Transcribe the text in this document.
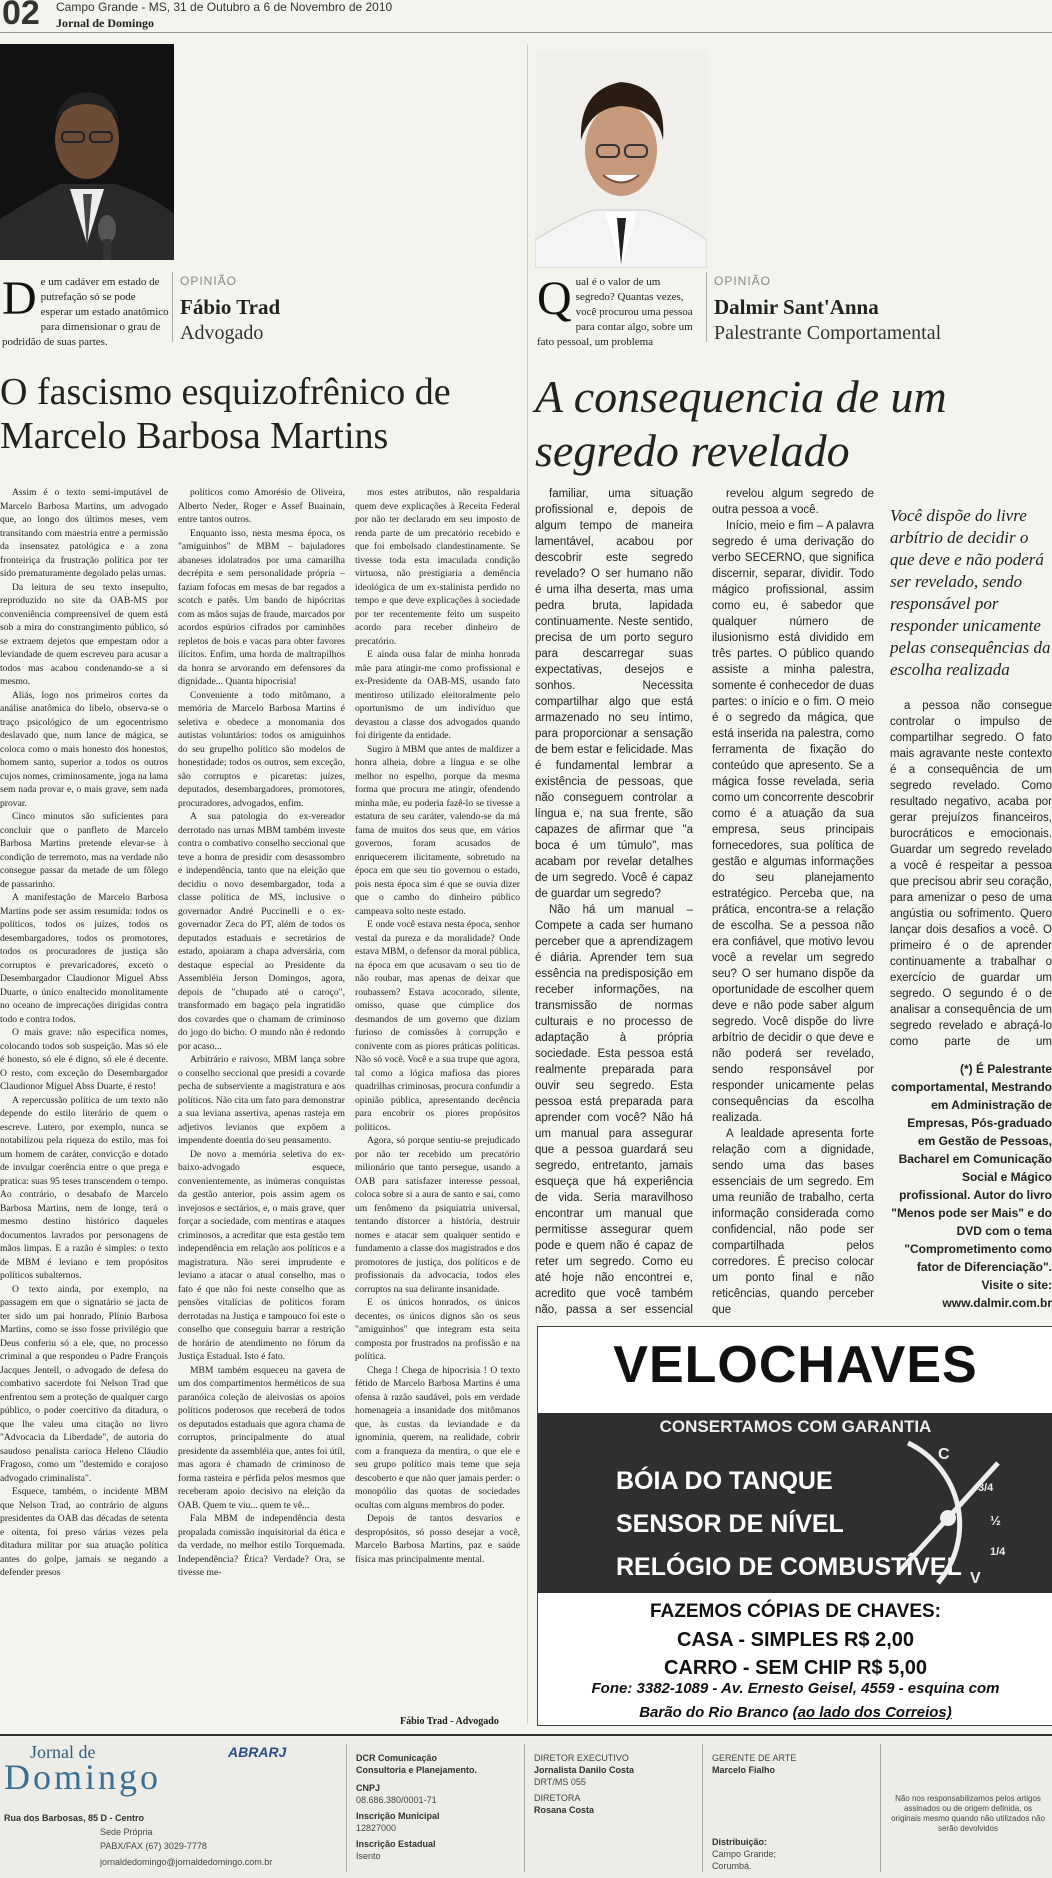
02 Campo Grande - MS, 31 de Outubro a 6 de Novembro de 2010
Jornal de Domingo
De um cadáver em estado de putrefação só se pode esperar um estado anatômico para dimensionar o grau de podridão de suas partes.
OPINIÃO
Fábio Trad
Advogado
O fascismo esquizofrênico de Marcelo Barbosa Martins

Assim é o texto semi-imputável de Marcelo Barbosa Martins, um advogado que, ao longo dos últimos meses, vem transitando com maestria entre a permissão da insensatez patológica e a zona fronteiriça da frustração política por ter sido prematuramente degolado pelas urnas.

Da leitura de seu texto insepulto, reproduzido no site da OAB-MS por conveniência compreensível de quem está sob a mira do constrangimento público, só se extraem dejetos que empestam odor a leviandade de quem escreveu para acusar a todos mas acabou condenando-se a si mesmo.

Aliás, logo nos primeiros cortes da análise anatômica do libelo, observa-se o traço psicológico de um egocentrismo deslavado que, num lance de mágica, se coloca como o mais honesto dos honestos, homem santo, superior a todos os outros cujos nomes, criminosamente, joga na lama sem nada provar e, o mais grave, sem nada provar.

Cinco minutos são suficientes para concluir que o panfleto de Marcelo Barbosa Martins pretende elevar-se à condição de terremoto, mas na verdade não consegue passar da metade de um fôlego de passarinho.

A manifestação de Marcelo Barbosa Martins pode ser assim resumida: todos os políticos, todos os juízes, todos os desembargadores, todos os promotores, todos os procuradores de justiça são corruptos e prevaricadores, exceto o Desembargador Claudionor Miguel Abss Duarte, o único enaltecido monolitamente no oceano de imprecações dirigidas contra todo e contra todos.

O mais grave: não especifica nomes, colocando todos sob suspeição. Mas só ele é honesto, só ele é digno, só ele é decente. O resto, com exceção do Desembargador Claudionor Miguel Abss Duarte, é resto!

A repercussão política de um texto não depende do estilo literário de quem o escreve. Lutero, por exemplo, nunca se notabilizou pela riqueza do estilo, mas foi um homem de caráter, convicção e dotado de invulgar coerência entre o que prega e pratica: suas 95 teses transcendem o tempo. Ao contrário, o desabafo de Marcelo Barbosa Martins, nem de longe, terá o mesmo destino histórico daqueles documentos lavrados por personagens de mãos limpas. E a razão é simples: o texto de MBM é leviano e tem propósitos políticos subalternos.

O texto ainda, por exemplo, na passagem em que o signatário se jacta de ter sido um pai honrado, Plínio Barbosa Martins, como se isso fosse privilégio que Deus conferiu só a ele, que, no processo criminal a que respondeu o Padre François Jacques Jentell, o advogado de defesa do combativo sacerdote foi Nelson Trad que enfrentou sem a proteção de qualquer cargo público, o poder coercitivo da ditadura, o que lhe valeu uma citação no livro "Advocacia da Liberdade", de autoria do saudoso penalista carioca Heleno Cláudio Fragoso, como um "destemido e corajoso advogado criminalista".

Esquece, também, o incidente MBM que Nelson Trad, ao contrário de alguns presidentes da OAB das décadas de setenta e oitenta, foi preso várias vezes pela ditadura militar por sua atuação política antes do golpe, jamais se negando a defender presos

políticos como Amorésio de Oliveira, Alberto Neder, Roger e Assef Buainain, entre tantos outros.

Enquanto isso, nesta mesma época, os "amiguinhos" de MBM – bajuladores abaneses idolatrados por uma camarilha decrépita e sem personalidade própria – faziam fofocas em mesas de bar regados a scotch e patês. Um bando de hipócritas com as mãos sujas de fraude, marcados por acordos espúrios cifrados por caminhões repletos de bois e vacas para obter favores ilícitos. Enfim, uma horda de maltrapilhos da honra se arvorando em defensores da dignidade... Quanta hipocrisia!

Conveniente a todo mitômano, a memória de Marcelo Barbosa Martins é seletiva e obedece a monomania dos autistas voluntários: todos os amiguinhos do seu grupelho político são modelos de honestidade; todos os outros, sem exceção, são corruptos e picaretas: juízes, deputados, desembargadores, promotores, procuradores, advogados, enfim.

A sua patologia do ex-vereador derrotado nas urnas MBM também investe contra o combativo conselho seccional que teve a honra de presidir com desassombro e independência, tanto que na eleição que decidiu o novo desembargador, toda a classe política de MS, inclusive o governador André Puccinelli e o ex-governador Zeca do PT, além de todos os deputados estaduais e secretários de estado, apoiaram a chapa adversária, com destaque especial ao Presidente da Assembléia Jerson Domingos, agora, depois de "chupado até o caroço", transformado em bagaço pela ingratidão dos covardes que o chamam de criminoso do jogo do bicho. O mundo não é redondo por acaso...

Arbitrário e raivoso, MBM lança sobre o conselho seccional que presidi a covarde pecha de subserviente a magistratura e aos políticos. Não cita um fato para demonstrar a sua leviana assertiva, apenas rasteja em adjetivos levianos que expõem a impendente doentia do seu pensamento.

De novo a memória seletiva do ex-baixo-advogado esquece, convenientemente, as inúmeras conquistas da gestão anterior, pois assim agem os invejosos e sectários, e, o mais grave, quer forçar a sociedade, com mentiras e ataques criminosos, a acreditar que esta gestão tem independência em relação aos políticos e a magistratura. Não serei imprudente e leviano a atacar o atual conselho, mas o fato é que não foi neste conselho que as pensões vitalícias de políticos foram derrotadas na Justiça e tampouco foi este o conselho que conseguiu barrar a restrição de horário de atendimento no fórum da Justiça Estadual. Isto é fato.

MBM também esqueceu na gaveta de um dos compartimentos herméticos de sua paranóica coleção de aleivosias os apoios políticos poderosos que receberá de todos os deputados estaduais que agora chama de corruptos, principalmente do atual presidente da assembléia que, antes foi útil, mas agora é chamado de criminoso de forma rasteira e pérfida pelos mesmos que receberam apoio decisivo na eleição da OAB. Quem te viu... quem te vê...

Fala MBM de independência desta propalada comissão inquisitorial da ética e da verdade, no melhor estilo Torquemada. Independência? Ética? Verdade? Ora, se tivesse me-

mos estes atributos, não respaldaria quem deve explicações à Receita Federal por não ter declarado em seu imposto de renda parte de um precatório recebido e que foi embolsado clandestinamente. Se tivesse toda esta imaculada condição virtuosa, não prestigiaria a demência ideológica de um ex-stalinista perdido no tempo e que deve explicações à sociedade por ter recentemente feito um suspeito acordo para receber dinheiro de precatório.

E ainda ousa falar de minha honrada mãe para atingir-me como profissional e ex-Presidente da OAB-MS, usando fato mentiroso utilizado eleitoralmente pelo oportunismo de um indivíduo que devastou a classe dos advogados quando foi dirigente da entidade.

Sugiro à MBM que antes de maldizer a honra alheia, dobre a língua e se olhe melhor no espelho, porque da mesma forma que procura me atingir, ofendendo minha mãe, eu poderia fazê-lo se tivesse a estatura de seu caráter, valendo-se da má fama de muitos dos seus que, em vários governos, foram acusados de enriquecerem ilicitamente, sobretudo na época em que seu tio governou o estado, pois nesta época sim é que se ouvia dizer que o cambo do dinheiro público campeava solto neste estado.

E onde você estava nesta época, senhor vestal da pureza e da moralidade? Onde estava MBM, o defensor da moral pública, na época em que acusavam o seu tio de não roubar, mas apenas de deixar que roubassem? Estava acocorado, silente, omisso, quase que cúmplice dos desmandos de um governo que diziam furioso de comissões à corrupção e conivente com as piores práticas políticas. Não só você. Você e a sua trupe que agora, tal como a lógica mafiosa das piores quadrilhas criminosas, procura confundir a opinião pública, apresentando decência para encobrir os piores propósitos políticos.

Agora, só porque sentiu-se prejudicado por não ter recebido um precatório milionário que tanto persegue, usando a OAB para satisfazer interesse pessoal, coloca sobre si a aura de santo e sai, como um fenômeno da psiquiatria universal, tentando distorcer a história, destruir nomes e atacar sem qualquer sentido e fundamento a classe dos magistrados e dos promotores de justiça, dos políticos e de profissionais da advocacia, todos eles corruptos na sua delirante insanidade.

E os únicos honrados, os únicos decentes, os únicos dignos são os seus "amiguinhos" que integram esta seita composta por frustrados na profissão e na política.

Chega ! Chega de hipocrisia ! O texto fétido de Marcelo Barbosa Martins é uma ofensa à razão saudável, pois em verdade homenageia a insanidade dos mitômanos que, às custas da leviandade e da ignomínia, querem, na realidade, cobrir com a franqueza da mentira, o que ele e seu grupo político mais teme que seja descoberto e que não quer jamais perder: o monopólio das quotas de sociedades ocultas com alguns membros do poder.

Depois de tantos desvarios e despropósitos, só posso desejar a você, Marcelo Barbosa Martins, paz e saúde física mas principalmente mental.

Fábio Trad - Advogado
Qual é o valor de um segredo? Quantas vezes, você procurou uma pessoa para contar algo, sobre um fato pessoal, um problema
OPINIÃO
Dalmir Sant'Anna
Palestrante Comportamental
A consequencia de um segredo revelado

familiar, uma situação profissional e, depois de algum tempo de maneira lamentável, acabou por descobrir este segredo revelado? O ser humano não é uma ilha deserta, mas uma pedra bruta, lapidada continuamente. Neste sentido, precisa de um porto seguro para descarregar suas expectativas, desejos e sonhos. Necessita compartilhar algo que está armazenado no seu íntimo, para proporcionar a sensação de bem estar e felicidade. Mas é fundamental lembrar a existência de pessoas, que não conseguem controlar a língua e, na sua frente, são capazes de afirmar que "a boca é um túmulo", mas acabam por revelar detalhes de um segredo. Você é capaz de guardar um segredo?

Não há um manual – Compete a cada ser humano perceber que a aprendizagem é diária. Aprender tem sua essência na predisposição em receber informações, na transmissão de normas culturais e no processo de adaptação à própria sociedade. Esta pessoa está realmente preparada para ouvir seu segredo. Esta pessoa está preparada para aprender com você? Não há um manual para assegurar que a pessoa guardará seu segredo, entretanto, jamais esqueça que há experiência de vida. Seria maravilhoso encontrar um manual que permitisse assegurar quem pode e quem não é capaz de reter um segredo. Como eu até hoje não encontrei e, acredito que você também não, passa a ser essencial

revelou algum segredo de outra pessoa a você.

Início, meio e fim – A palavra segredo é uma derivação do verbo SECERNO, que significa discernir, separar, dividir. Todo mágico profissional, assim como eu, é sabedor que qualquer número de ilusionismo está dividido em três partes. O público quando assiste a minha palestra, somente é conhecedor de duas partes: o início e o fim. O meio é o segredo da mágica, que está inserida na palestra, como ferramenta de fixação do conteúdo que apresento. Se a mágica fosse revelada, seria como um concorrente descobrir como é a atuação da sua empresa, seus principais fornecedores, sua política de gestão e algumas informações do seu planejamento estratégico. Perceba que, na prática, encontra-se a relação de escolha. Se a pessoa não era confiável, que motivo levou você a revelar um segredo seu? O ser humano dispõe da oportunidade de escolher quem deve e não pode saber algum segredo. Você dispõe do livre arbítrio de decidir o que deve e não poderá ser revelado, sendo responsável por responder unicamente pelas consequências da escolha realizada.

A lealdade apresenta forte relação com a dignidade, sendo uma das bases essenciais de um segredo. Em uma reunião de trabalho, certa informação considerada como confidencial, não pode ser compartilhada pelos corredores. É preciso colocar um ponto final e não reticências, quando perceber que

Você dispõe do livre arbítrio de decidir o que deve e não poderá ser revelado, sendo responsável por responder unicamente pelas consequências da escolha realizada

a pessoa não consegue controlar o impulso de compartilhar segredo. O fato mais agravante neste contexto é a consequência de um segredo revelado. Como resultado negativo, acaba por gerar prejuízos financeiros, burocráticos e emocionais. Guardar um segredo revelado a você é respeitar a pessoa que precisou abrir seu coração, para amenizar o peso de uma angústia ou sofrimento. Quero lançar dois desafios a você. O primeiro é o de aprender continuamente a trabalhar o exercício de guardar um segredo. O segundo é o de analisar a consequência de um segredo revelado e abraçá-lo como parte de um

(*) É Palestrante comportamental, Mestrando em Administração de Empresas, Pós-graduado em Gestão de Pessoas, Bacharel em Comunicação Social e Mágico profissional. Autor do livro "Menos pode ser Mais" e do DVD com o tema "Comprometimento como fator de Diferenciação". Visite o site: www.dalmir.com.br
VELOCHAVES
CONSERTAMOS COM GARANTIA
BÓIA DO TANQUE
SENSOR DE NÍVEL
RELÓGIO DE COMBUSTÍVEL
C
3/4
½
1/4
V
FAZEMOS CÓPIAS DE CHAVES:
CASA - SIMPLES R$ 2,00
CARRO - SEM CHIP R$ 5,00
Fone: 3382-1089 - Av. Ernesto Geisel, 4559 - esquina com
Barão do Rio Branco (ao lado dos Correios)
Jornal de
Domingo
ABRARJ
Rua dos Barbosas, 85 D - Centro
Sede Própria
PABX/FAX (67) 3029-7778
jornaldedomingo@jornaldedomingo.com.br
DCR Comunicação
Consultoria e Planejamento.
CNPJ
08.686.380/0001-71
Inscrição Municipal
12827000
Inscrição Estadual
Isento
DIRETOR EXECUTIVO
Jornalista Danilo Costa
DRT/MS 055
DIRETORA
Rosana Costa
GERENTE DE ARTE
Marcelo Fialho
Distribuição:
Campo Grande; Corumbá.
Não nos responsabilizamos pelos artigos assinados ou de origem definida, os originais mesmo quando não utilizados não serão devolvidos
